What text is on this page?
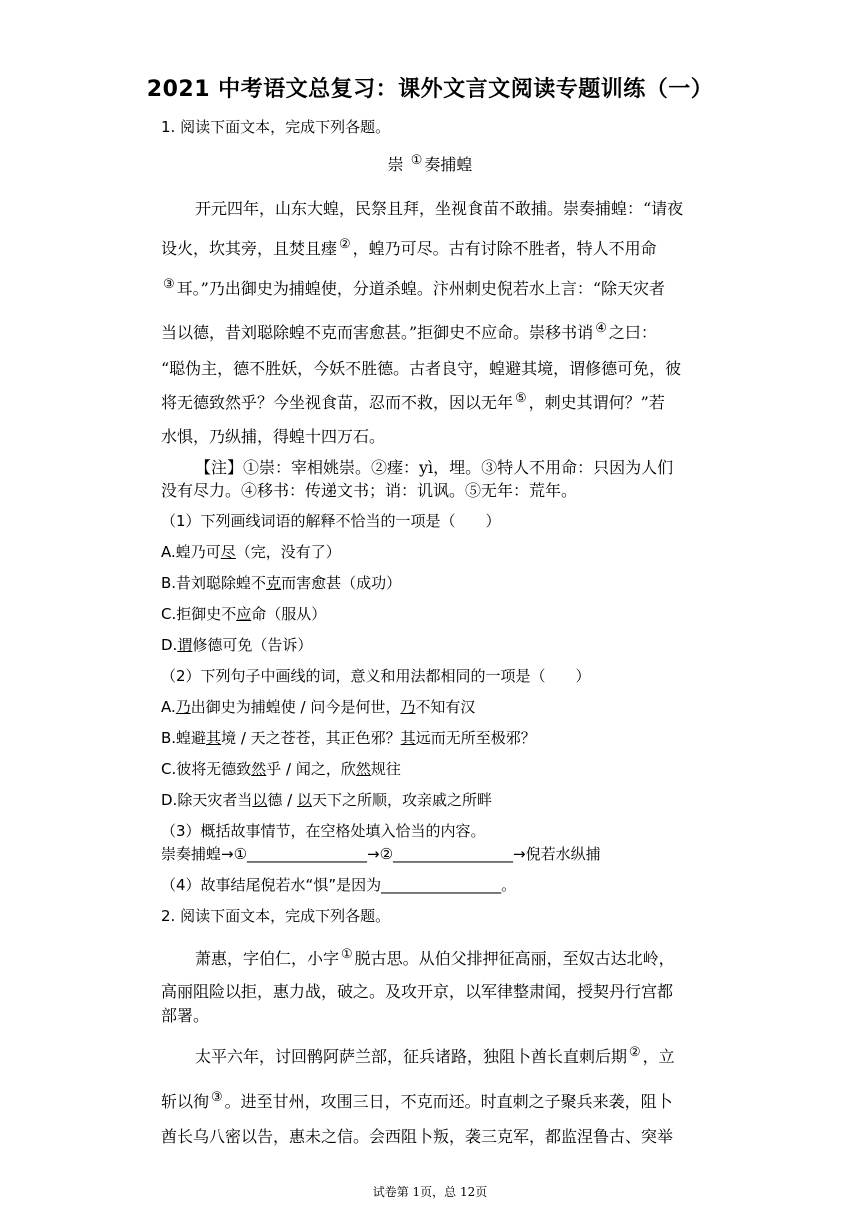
2021 中考语文总复习：课外文言文阅读专题训练（一）
1. 阅读下面文本，完成下列各题。
崇 ① 奏捕蝗
开元四年，山东大蝗，民祭且拜，坐视食苗不敢捕。崇奏捕蝗：“请夜
设火，坎其旁，且焚且瘗 ② ，蝗乃可尽。古有讨除不胜者，特人不用命
③ 耳。”乃出御史为捕蝗使，分道杀蝗。汴州刺史倪若水上言：“除天灾者
当以德，昔刘聪除蝗不克而害愈甚。”拒御史不应命。崇移书诮 ④ 之曰：
“聪伪主，德不胜妖，今妖不胜德。古者良守，蝗避其境，谓修德可免，彼
将无德致然乎？今坐视食苗，忍而不救，因以无年 ⑤ ，刺史其谓何？”若
水惧，乃纵捕，得蝗十四万石。
【注】①崇：宰相姚崇。②瘗：yì，埋。③特人不用命：只因为人们
没有尽力。④移书：传递文书；诮：讥讽。⑤无年：荒年。
（1）下列画线词语的解释不恰当的一项是（　　）
A.蝗乃可尽（完，没有了）
B.昔刘聪除蝗不克而害愈甚（成功）
C.拒御史不应命（服从）
D.谓修德可免（告诉）
（2）下列句子中画线的词，意义和用法都相同的一项是（　　）
A.乃出御史为捕蝗使 / 问今是何世，乃不知有汉
B.蝗避其境 / 天之苍苍，其正色邪？其远而无所至极邪？
C.彼将无德致然乎 / 闻之，欣然规往
D.除天灾者当以德 / 以天下之所顺，攻亲戚之所畔
（3）概括故事情节，在空格处填入恰当的内容。
崇奏捕蝗→①________________→②________________→倪若水纵捕
（4）故事结尾倪若水“惧”是因为________________。
2. 阅读下面文本，完成下列各题。
萧惠，字伯仁，小字 ① 脱古思。从伯父排押征高丽，至奴古达北岭，
高丽阻险以拒，惠力战，破之。及攻开京，以军律整肃闻，授契丹行宫都
部署。
太平六年，讨回鹘阿萨兰部，征兵诸路，独阻卜酋长直刺后期 ② ，立
斩以徇 ③ 。进至甘州，攻围三日，不克而还。时直刺之子聚兵来袭，阻卜
酋长乌八密以告，惠未之信。会西阻卜叛，袭三克军，都监涅鲁古、突举
试卷第 1页，总 12页
